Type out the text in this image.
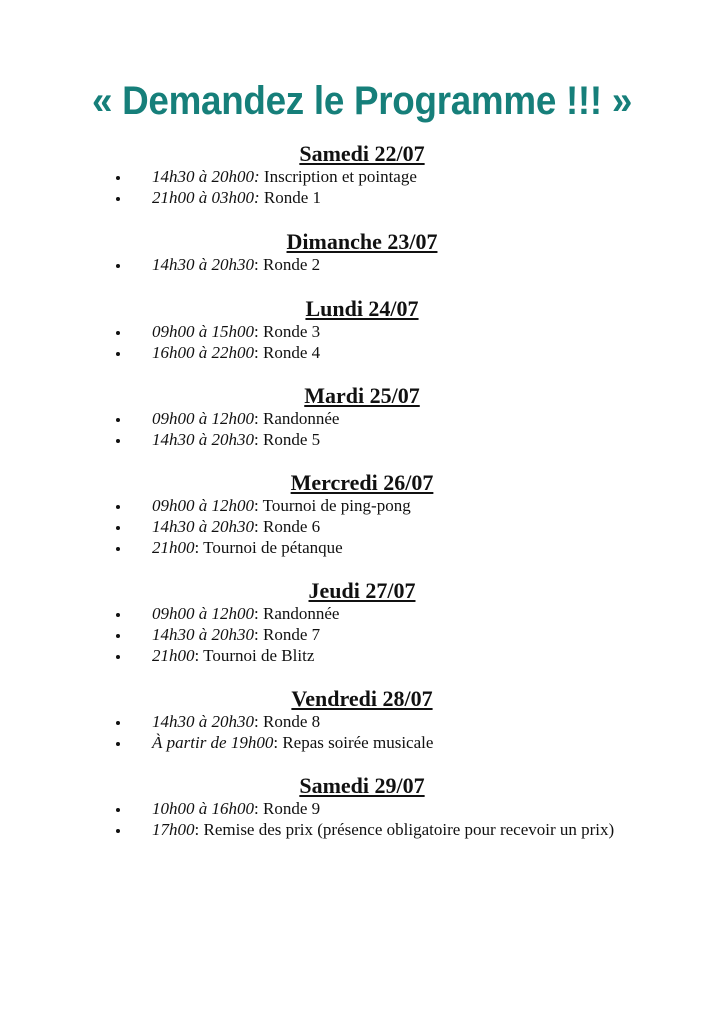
« Demandez le Programme !!! »
Samedi 22/07
14h30 à 20h00: Inscription et pointage
21h00 à 03h00: Ronde 1
Dimanche 23/07
14h30 à 20h30: Ronde 2
Lundi 24/07
09h00 à 15h00: Ronde 3
16h00 à 22h00: Ronde 4
Mardi 25/07
09h00 à 12h00: Randonnée
14h30 à 20h30: Ronde 5
Mercredi 26/07
09h00 à 12h00: Tournoi de ping-pong
14h30 à 20h30: Ronde 6
21h00: Tournoi de pétanque
Jeudi 27/07
09h00 à 12h00: Randonnée
14h30 à 20h30: Ronde 7
21h00: Tournoi de Blitz
Vendredi 28/07
14h30 à 20h30: Ronde 8
À partir de 19h00: Repas soirée musicale
Samedi 29/07
10h00 à 16h00: Ronde 9
17h00: Remise des prix (présence obligatoire pour recevoir un prix)
